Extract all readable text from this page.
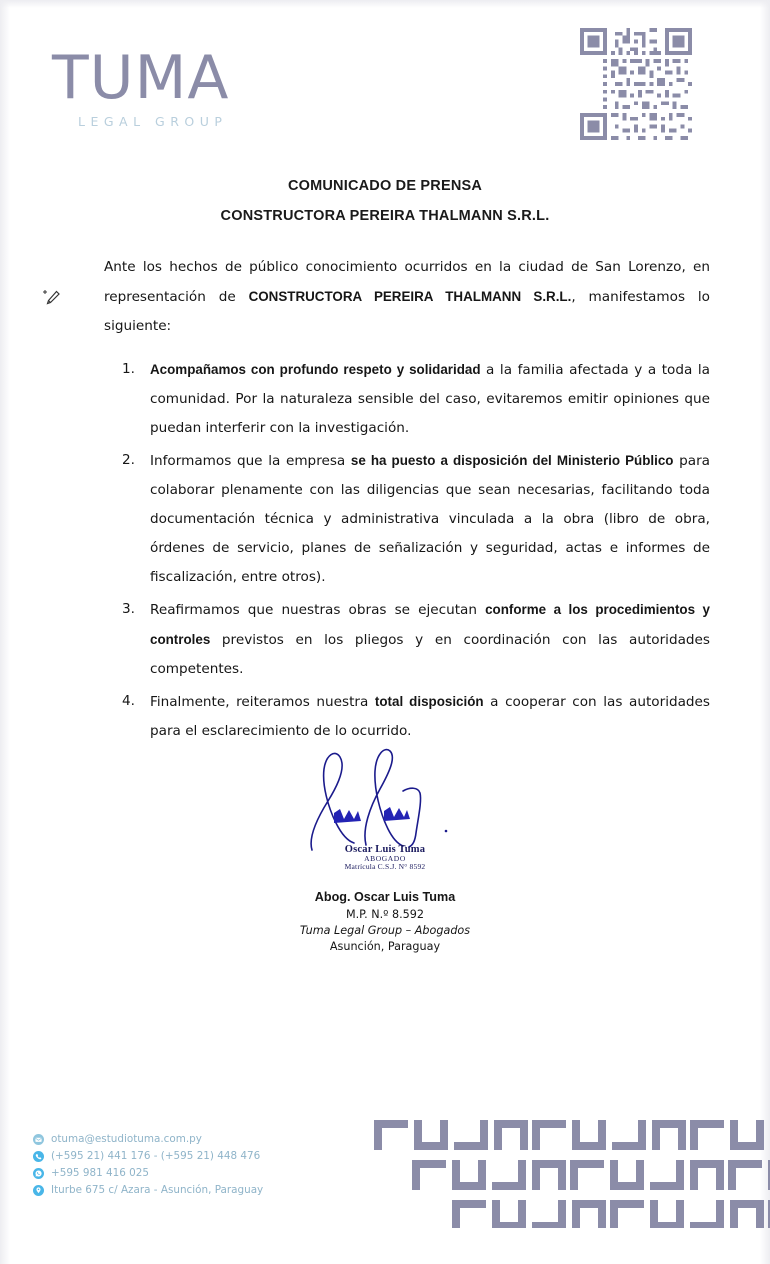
TUMA
LEGAL GROUP
COMUNICADO DE PRENSA
CONSTRUCTORA PEREIRA THALMANN S.R.L.

Ante los hechos de público conocimiento ocurridos en la ciudad de San Lorenzo, en representación de CONSTRUCTORA PEREIRA THALMANN S.R.L., manifestamos lo siguiente:

Acompañamos con profundo respeto y solidaridad a la familia afectada y a toda la comunidad. Por la naturaleza sensible del caso, evitaremos emitir opiniones que puedan interferir con la investigación.
Informamos que la empresa se ha puesto a disposición del Ministerio Público para colaborar plenamente con las diligencias que sean necesarias, facilitando toda documentación técnica y administrativa vinculada a la obra (libro de obra, órdenes de servicio, planes de señalización y seguridad, actas e informes de fiscalización, entre otros).
Reafirmamos que nuestras obras se ejecutan conforme a los procedimientos y controles previstos en los pliegos y en coordinación con las autoridades competentes.
Finalmente, reiteramos nuestra total disposición a cooperar con las autoridades para el esclarecimiento de lo ocurrido.
Oscar Luis Tuma
ABOGADO
Matrícula C.S.J. N° 8592
Abog. Oscar Luis Tuma
M.P. N.º 8.592
Tuma Legal Group – Abogados
Asunción, Paraguay
otuma@estudiotuma.com.py
(+595 21) 441 176 - (+595 21) 448 476
+595 981 416 025
Iturbe 675 c/ Azara - Asunción, Paraguay
